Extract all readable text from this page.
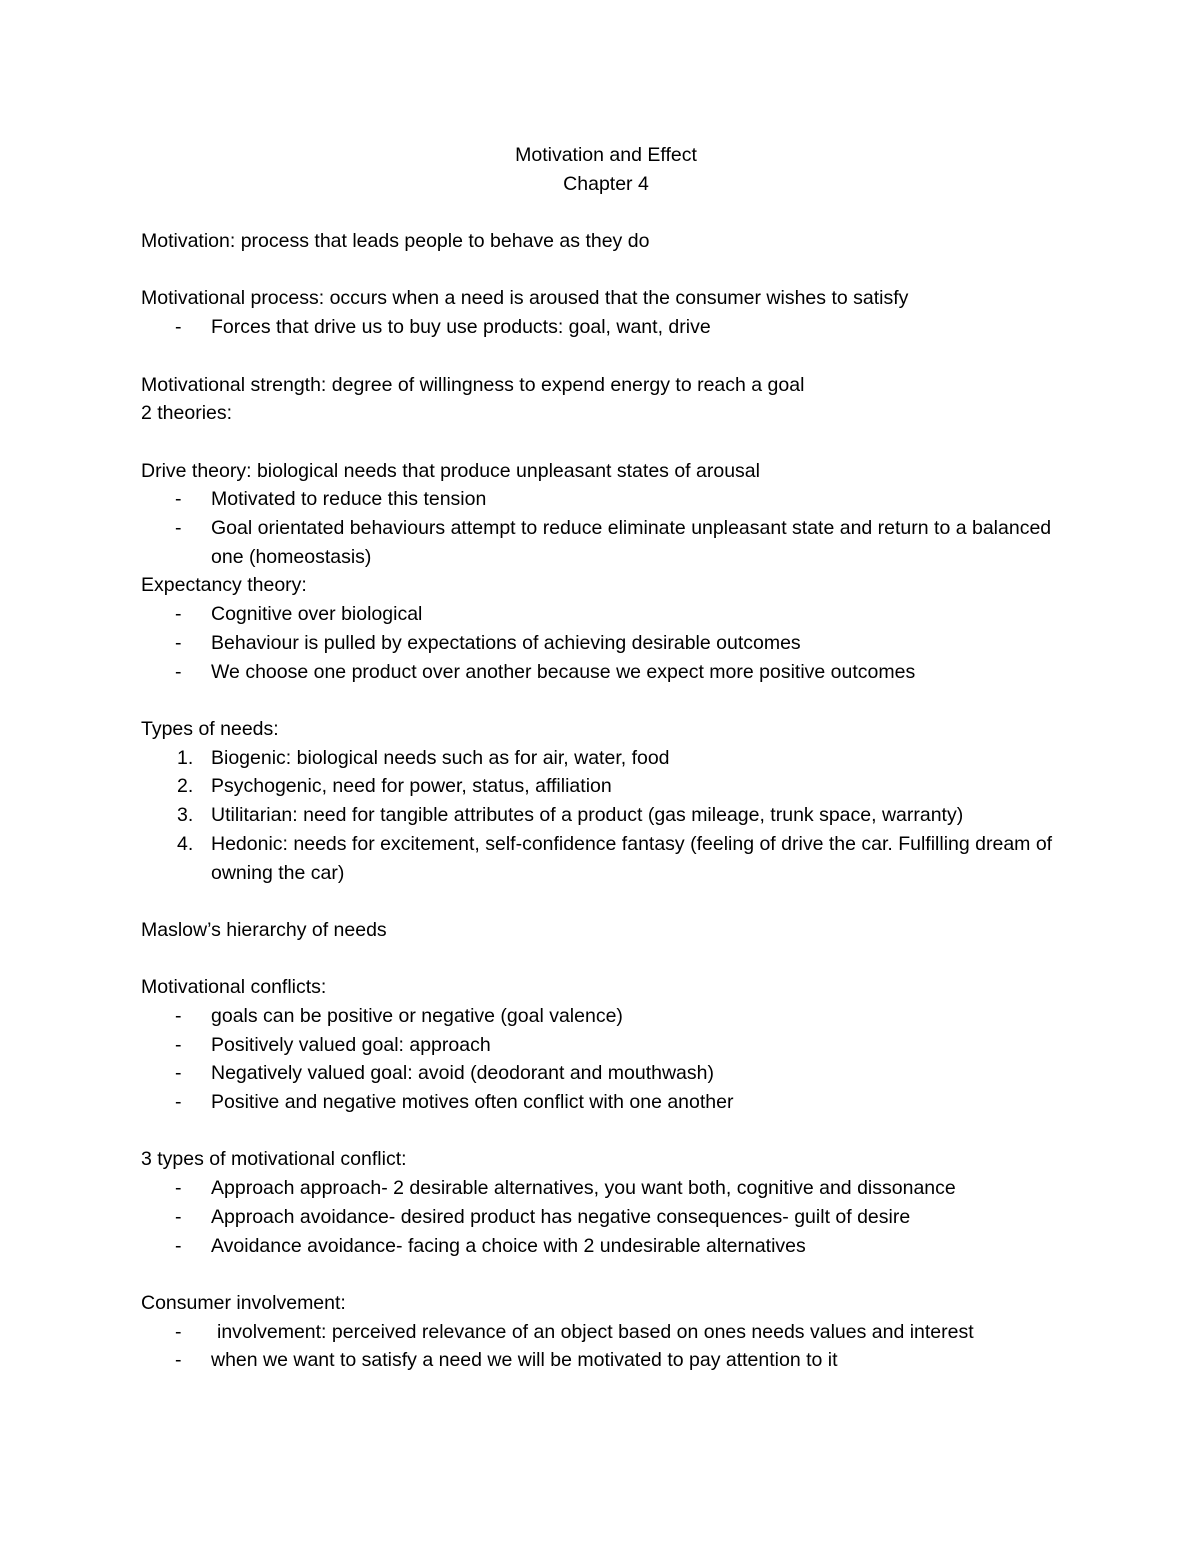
Motivation and Effect
Chapter 4
Motivation: process that leads people to behave as they do
Motivational process: occurs when a need is aroused that the consumer wishes to satisfy
- Forces that drive us to buy use products: goal, want, drive
Motivational strength: degree of willingness to expend energy to reach a goal
2 theories:
Drive theory: biological needs that produce unpleasant states of arousal
- Motivated to reduce this tension
- Goal orientated behaviours attempt to reduce eliminate unpleasant state and return to a balanced one (homeostasis)
Expectancy theory:
- Cognitive over biological
- Behaviour is pulled by expectations of achieving desirable outcomes
- We choose one product over another because we expect more positive outcomes
Types of needs:
1. Biogenic: biological needs such as for air, water, food
2. Psychogenic, need for power, status, affiliation
3. Utilitarian: need for tangible attributes of a product (gas mileage, trunk space, warranty)
4. Hedonic: needs for excitement, self-confidence fantasy (feeling of drive the car. Fulfilling dream of owning the car)
Maslow’s hierarchy of needs
Motivational conflicts:
- goals can be positive or negative (goal valence)
- Positively valued goal: approach
- Negatively valued goal: avoid (deodorant and mouthwash)
- Positive and negative motives often conflict with one another
3 types of motivational conflict:
- Approach approach- 2 desirable alternatives, you want both, cognitive and dissonance
- Approach avoidance- desired product has negative consequences- guilt of desire
- Avoidance avoidance- facing a choice with 2 undesirable alternatives
Consumer involvement:
- involvement: perceived relevance of an object based on ones needs values and interest
- when we want to satisfy a need we will be motivated to pay attention to it
